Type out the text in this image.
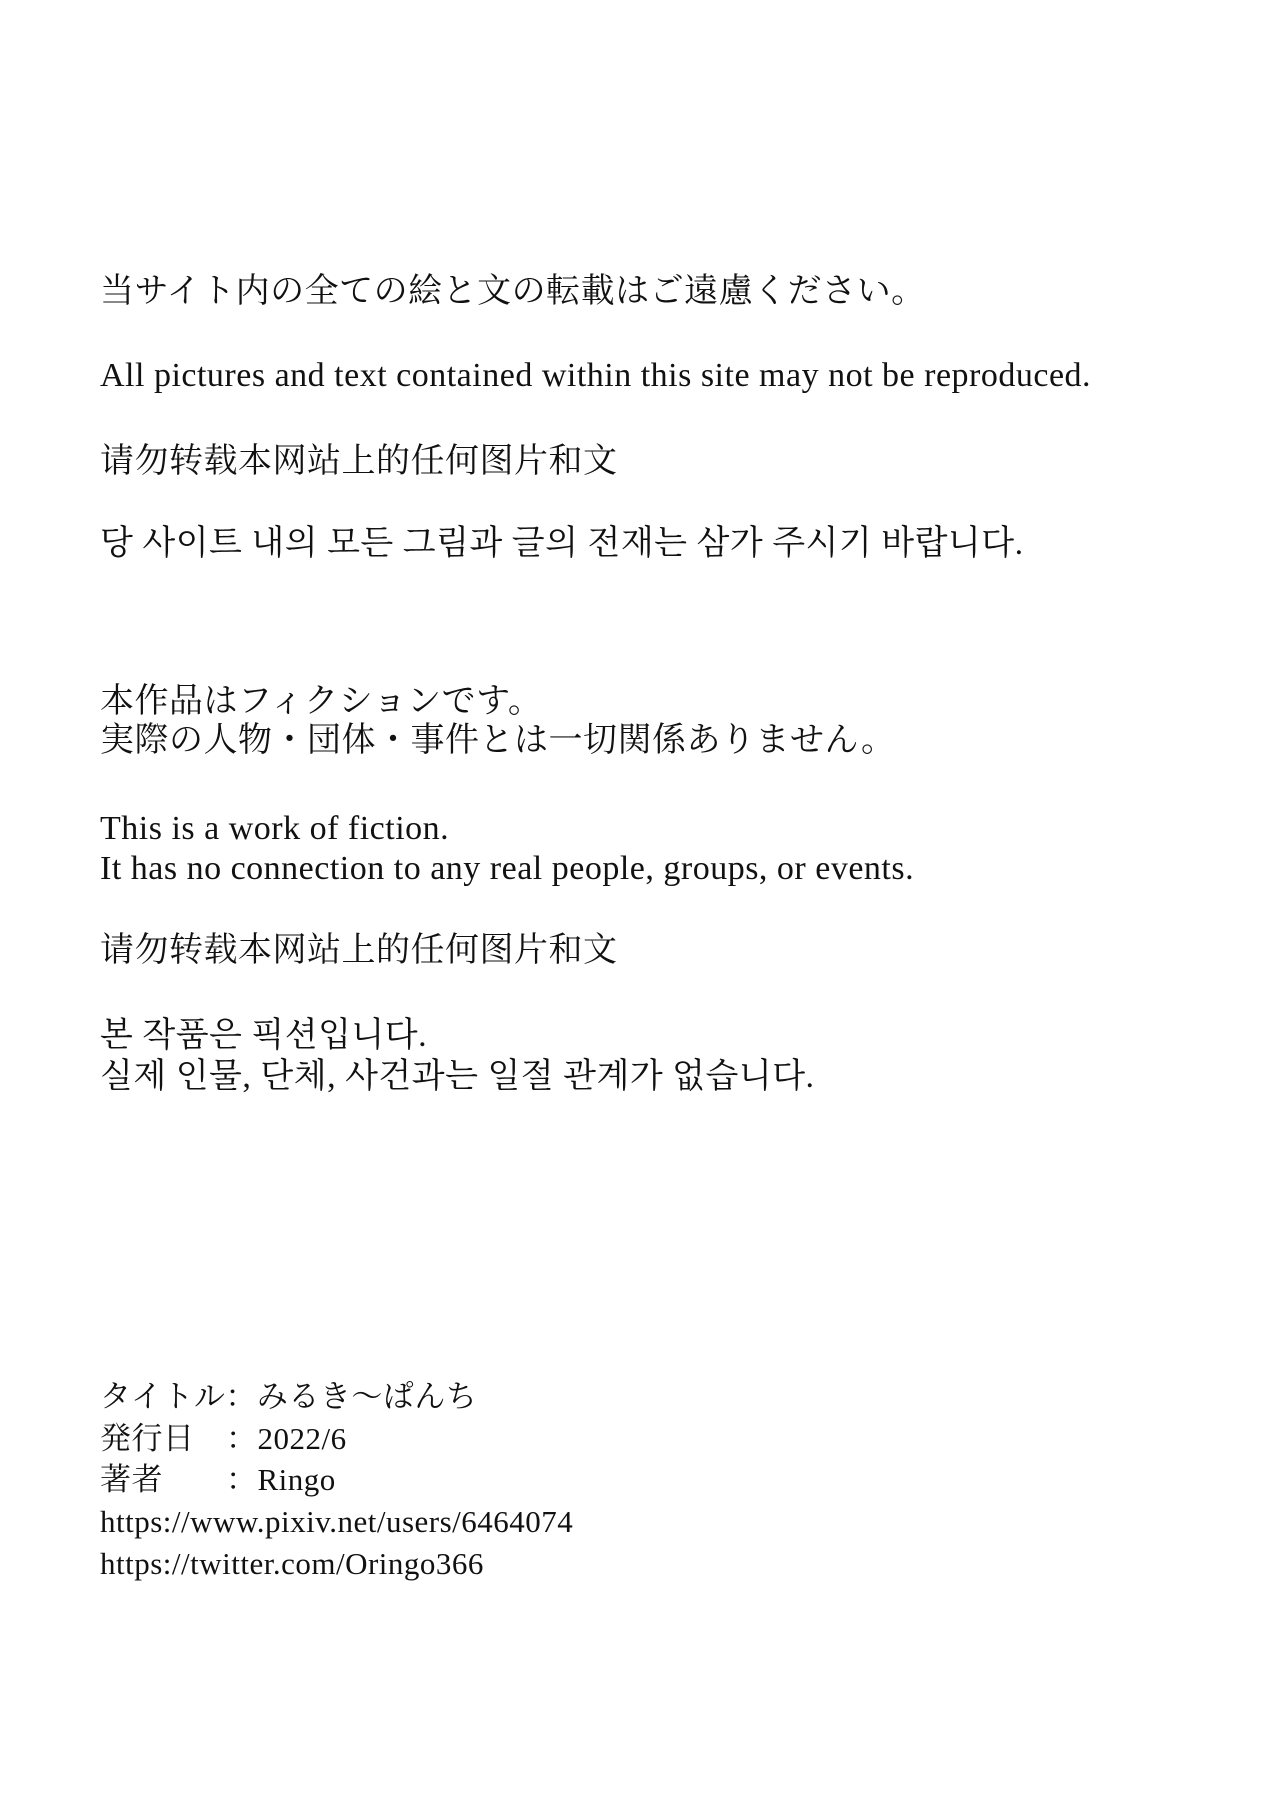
当サイト内の全ての絵と文の転載はご遠慮ください。
All pictures and text contained within this site may not be reproduced.
请勿转载本网站上的任何图片和文
당 사이트 내의 모든 그림과 글의 전재는 삼가 주시기 바랍니다.
本作品はフィクションです。
実際の人物・団体・事件とは一切関係ありません。
This is a work of fiction.
It has no connection to any real people, groups, or events.
请勿转载本网站上的任何图片和文
본 작품은 픽션입니다.
실제 인물, 단체, 사건과는 일절 관계가 없습니다.
タイトル：みるき～ぱんち
発行日　：2022/6
著者　　：Ringo
https://www.pixiv.net/users/6464074
https://twitter.com/Oringo366
